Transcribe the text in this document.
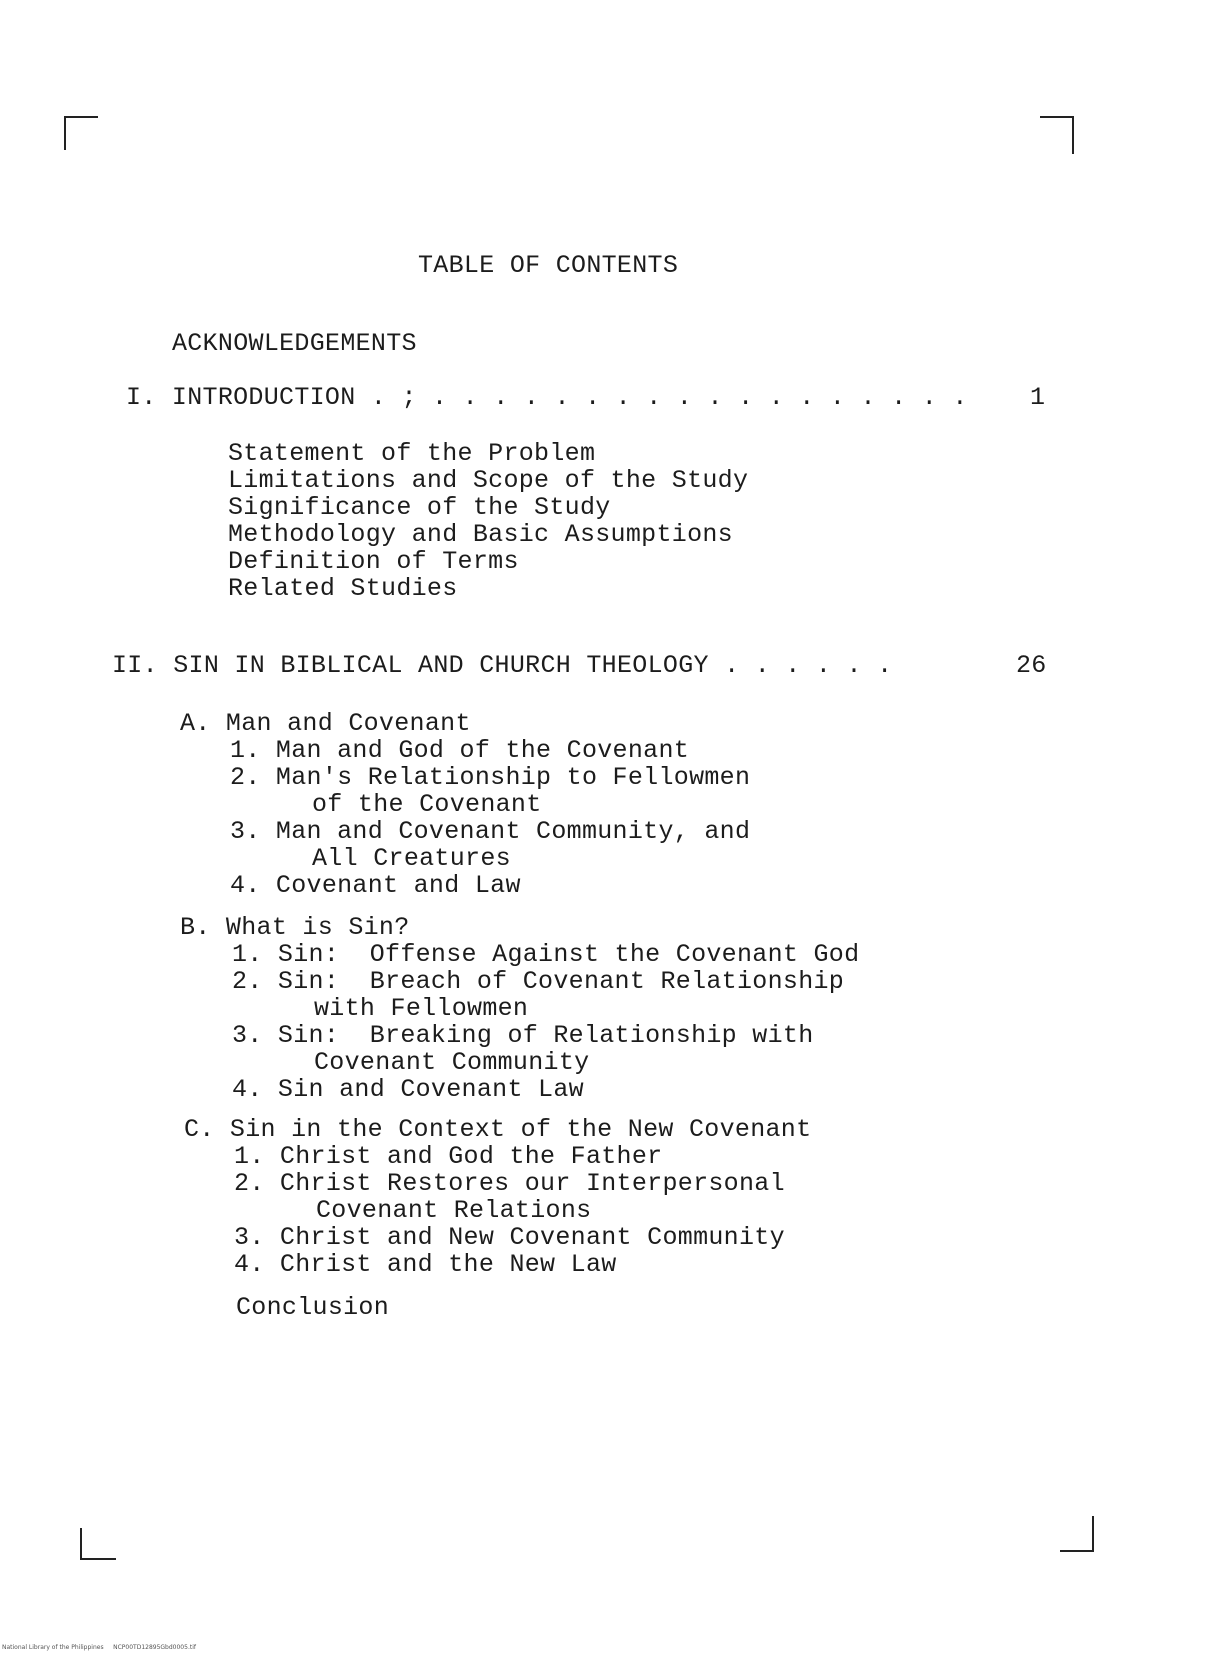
TABLE OF CONTENTS
ACKNOWLEDGEMENTS
I. INTRODUCTION . ; . . . . . . . . . . . . . . . . . . 1
Statement of the Problem
Limitations and Scope of the Study
Significance of the Study
Methodology and Basic Assumptions
Definition of Terms
Related Studies
II. SIN IN BIBLICAL AND CHURCH THEOLOGY . . . . . .	26
A. Man and Covenant
1. Man and God of the Covenant
2. Man's Relationship to Fellowmen
of the Covenant
3. Man and Covenant Community, and
All Creatures
4. Covenant and Law
B. What is Sin?
1. Sin:  Offense Against the Covenant God
2. Sin:  Breach of Covenant Relationship
with Fellowmen
3. Sin:  Breaking of Relationship with
Covenant Community
4. Sin and Covenant Law
C. Sin in the Context of the New Covenant
1. Christ and God the Father
2. Christ Restores our Interpersonal
Covenant Relations
3. Christ and New Covenant Community
4. Christ and the New Law
Conclusion
National Library of the Philippines     NCP00TD12895Gbd0005.tif
